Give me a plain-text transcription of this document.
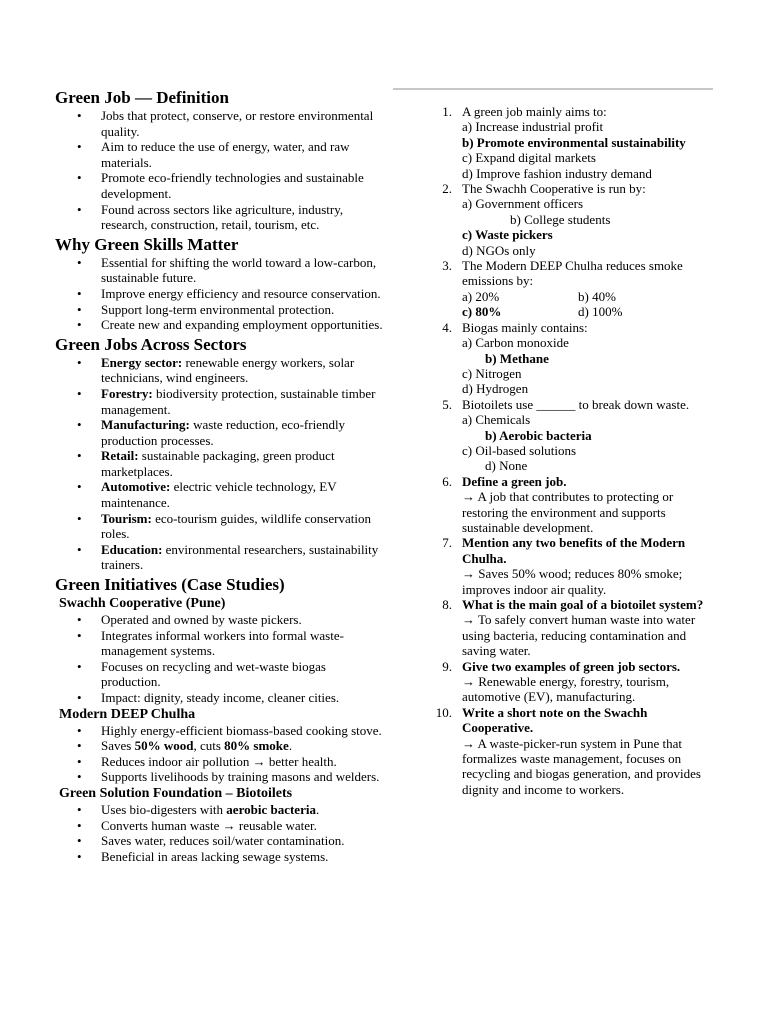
Green Job — Definition
• Jobs that protect, conserve, or restore environmental quality.
• Aim to reduce the use of energy, water, and raw materials.
• Promote eco-friendly technologies and sustainable development.
• Found across sectors like agriculture, industry, research, construction, retail, tourism, etc.
Why Green Skills Matter
• Essential for shifting the world toward a low-carbon, sustainable future.
• Improve energy efficiency and resource conservation.
• Support long-term environmental protection.
• Create new and expanding employment opportunities.
Green Jobs Across Sectors
• Energy sector: renewable energy workers, solar technicians, wind engineers.
• Forestry: biodiversity protection, sustainable timber management.
• Manufacturing: waste reduction, eco-friendly production processes.
• Retail: sustainable packaging, green product marketplaces.
• Automotive: electric vehicle technology, EV maintenance.
• Tourism: eco-tourism guides, wildlife conservation roles.
• Education: environmental researchers, sustainability trainers.
Green Initiatives (Case Studies)
Swachh Cooperative (Pune)
• Operated and owned by waste pickers.
• Integrates informal workers into formal waste-management systems.
• Focuses on recycling and wet-waste biogas production.
• Impact: dignity, steady income, cleaner cities.
Modern DEEP Chulha
• Highly energy-efficient biomass-based cooking stove.
• Saves 50% wood, cuts 80% smoke.
• Reduces indoor air pollution → better health.
• Supports livelihoods by training masons and welders.
Green Solution Foundation – Biotoilets
• Uses bio-digesters with aerobic bacteria.
• Converts human waste → reusable water.
• Saves water, reduces soil/water contamination.
• Beneficial in areas lacking sewage systems.
1. A green job mainly aims to:
a) Increase industrial profit
b) Promote environmental sustainability
c) Expand digital markets
d) Improve fashion industry demand
2. The Swachh Cooperative is run by:
a) Government officers
b) College students
c) Waste pickers
d) NGOs only
3. The Modern DEEP Chulha reduces smoke emissions by:
a) 20%	b) 40%
c) 80%	d) 100%
4. Biogas mainly contains:
a) Carbon monoxide
b) Methane
c) Nitrogen
d) Hydrogen
5. Biotoilets use ______ to break down waste.
a) Chemicals
b) Aerobic bacteria
c) Oil-based solutions
d) None
6. Define a green job.
→ A job that contributes to protecting or restoring the environment and supports sustainable development.
7. Mention any two benefits of the Modern Chulha.
→ Saves 50% wood; reduces 80% smoke; improves indoor air quality.
8. What is the main goal of a biotoilet system?
→ To safely convert human waste into water using bacteria, reducing contamination and saving water.
9. Give two examples of green job sectors.
→ Renewable energy, forestry, tourism, automotive (EV), manufacturing.
10. Write a short note on the Swachh Cooperative.
→ A waste-picker-run system in Pune that formalizes waste management, focuses on recycling and biogas generation, and provides dignity and income to workers.
